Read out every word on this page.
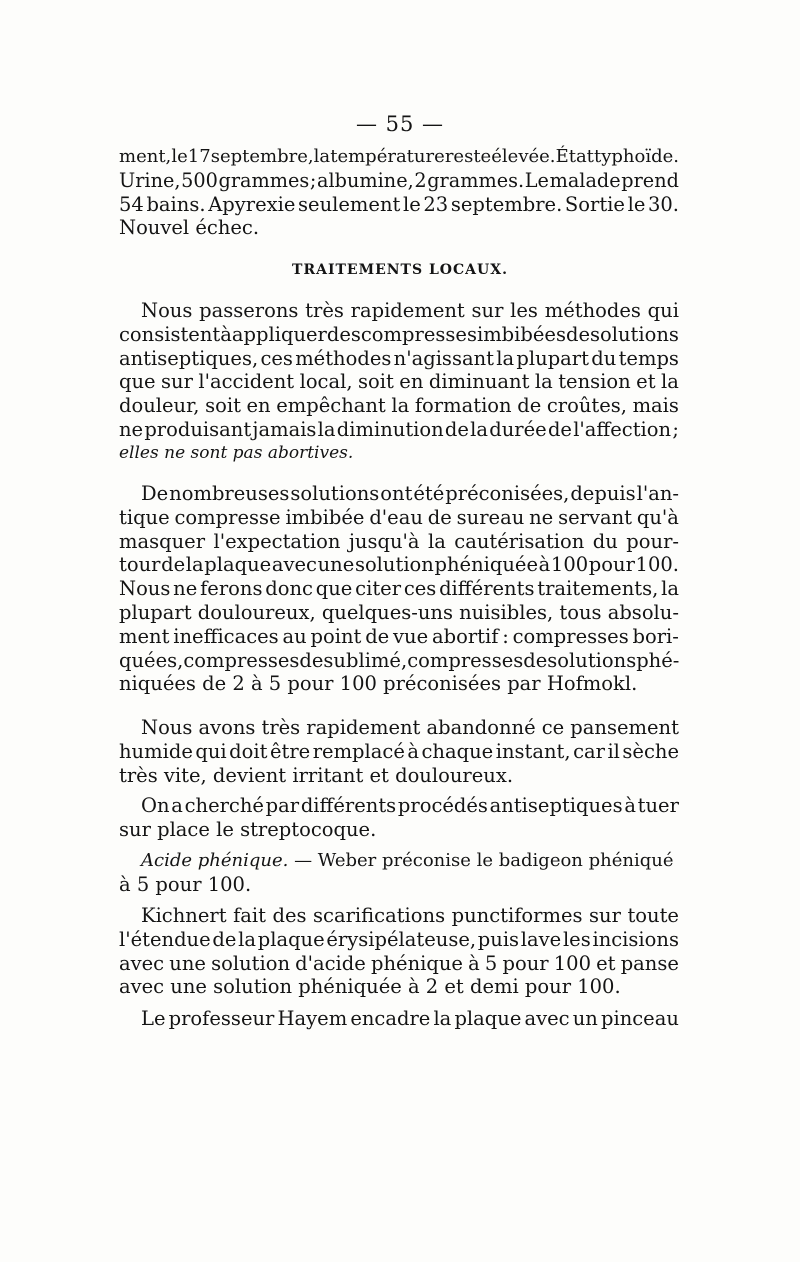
— 55 —
ment, le 17 septembre, la température reste élevée. État typhoïde.
Urine, 500 grammes ; albumine, 2 grammes. Le malade prend
54 bains. Apyrexie seulement le 23 septembre. Sortie le 30.
Nouvel échec.
TRAITEMENTS LOCAUX.
Nous passerons très rapidement sur les méthodes qui
consistent à appliquer des compresses imbibées de solutions
antiseptiques, ces méthodes n'agissant la plupart du temps
que sur l'accident local, soit en diminuant la tension et la
douleur, soit en empêchant la formation de croûtes, mais
ne produisant jamais la diminution de la durée de l'affection ;
elles ne sont pas abortives.
De nombreuses solutions ont été préconisées, depuis l'an-
tique compresse imbibée d'eau de sureau ne servant qu'à
masquer l'expectation jusqu'à la cautérisation du pour-
tour de la plaque avec une solution phéniquée à 100 pour 100.
Nous ne ferons donc que citer ces différents traitements, la
plupart douloureux, quelques-uns nuisibles, tous absolu-
ment inefficaces au point de vue abortif : compresses bori-
quées, compresses de sublimé, compresses de solutions phé-
niquées de 2 à 5 pour 100 préconisées par Hofmokl.
Nous avons très rapidement abandonné ce pansement
humide qui doit être remplacé à chaque instant, car il sèche
très vite, devient irritant et douloureux.
On a cherché par différents procédés antiseptiques à tuer
sur place le streptocoque.
Acide phénique. — Weber préconise le badigeon phéniqué
à 5 pour 100.
Kichnert fait des scarifications punctiformes sur toute
l'étendue de la plaque érysipélateuse, puis lave les incisions
avec une solution d'acide phénique à 5 pour 100 et panse
avec une solution phéniquée à 2 et demi pour 100.
Le professeur Hayem encadre la plaque avec un pinceau
